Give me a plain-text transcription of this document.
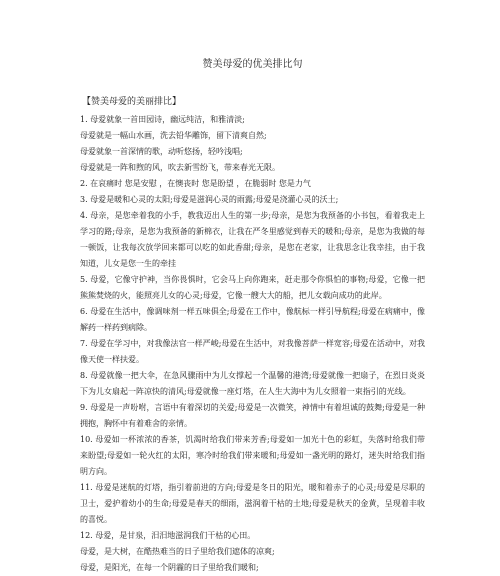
赞美母爱的优美排比句
【赞美母爱的美丽排比】

1. 母爱就象一首田园诗，幽远纯洁，和雅清淡;

母爱就是一幅山水画，洗去铅华雕饰，留下清爽自然;

母爱就象一首深情的歌，动听悠扬，轻吟浅唱;

母爱就是一阵和煦的风，吹去新雪纷飞，带来春光无限。

2. 在哀痛时 您是安慰 ，在懊丧时 您是盼望 ，在脆弱时 您是力气

3. 母爱是暖和心灵的太阳;母爱是滋润心灵的雨露;母爱是浇灌心灵的沃土;

4. 母亲，是您牵着我的小手，教我迈出人生的第一步;母亲，是您为我预备的小书包，看着我走上学习的路;母亲，是您为我预备的新棉衣，让我在严冬里感觉到春天的暖和;母亲，是您为我做的每一顿饭，让我每次放学回来都可以吃的如此香甜;母亲，是您在老家，让我思念让我幸挂，由于我知道，儿女是您一生的牵挂

5. 母爱，它像守护神，当你畏惧时，它会马上向你跑来，赶走那令你惧怕的事物;母爱，它像一把熊熊焚烧的火，能照亮儿女的心灵;母爱，它像一艘大大的船，把儿女载向成功的此岸。

6. 母爱在生活中，像调味剂一样五味俱全;母爱在工作中，像航标一样引导航程;母爱在病痛中，像解药一样药到病除。

7. 母爱在学习中，对我像法官一样严峻;母爱在生活中，对我像菩萨一样宽容;母爱在活动中，对我像天使一样扶爱。

8. 母爱就像一把大伞，在急风骤雨中为儿女撑起一个温馨的港湾;母爱就像一把扇子，在烈日炎炎下为儿女扇起一阵凉快的清风;母爱就像一座灯塔，在人生大海中为儿女照着一束指引的光线。

9. 母爱是一声吩咐，言语中有着深切的关爱;母爱是一次微笑，神情中有着坦诚的鼓舞;母爱是一种拥抱，胸怀中有着难舍的亲情。

10. 母爱如一杯浓浓的香茶，饥渴时给我们带来芳香;母爱如一加光十色的彩虹，失落时给我们带来盼望;母爱如一轮火红的太阳，寒冷时给我们带来暖和;母爱如一盏光明的路灯，迷失时给我们指明方向。

11. 母爱是迷航的灯塔，指引着前进的方向;母爱是冬日的阳光，暖和着赤子的心灵;母爱是尽职的卫士，爱护着幼小的生命;母爱是春天的细雨，滋润着干枯的土地;母爱是秋天的金黄，呈现着丰收的喜悦。

12. 母爱，是甘泉，汨汨地滋润我们干枯的心田。

母爱，是大树，在酷热难当的日子里给我们遮体的凉爽;

母爱，是阳光，在每一个阴霾的日子里给我们暖和;
